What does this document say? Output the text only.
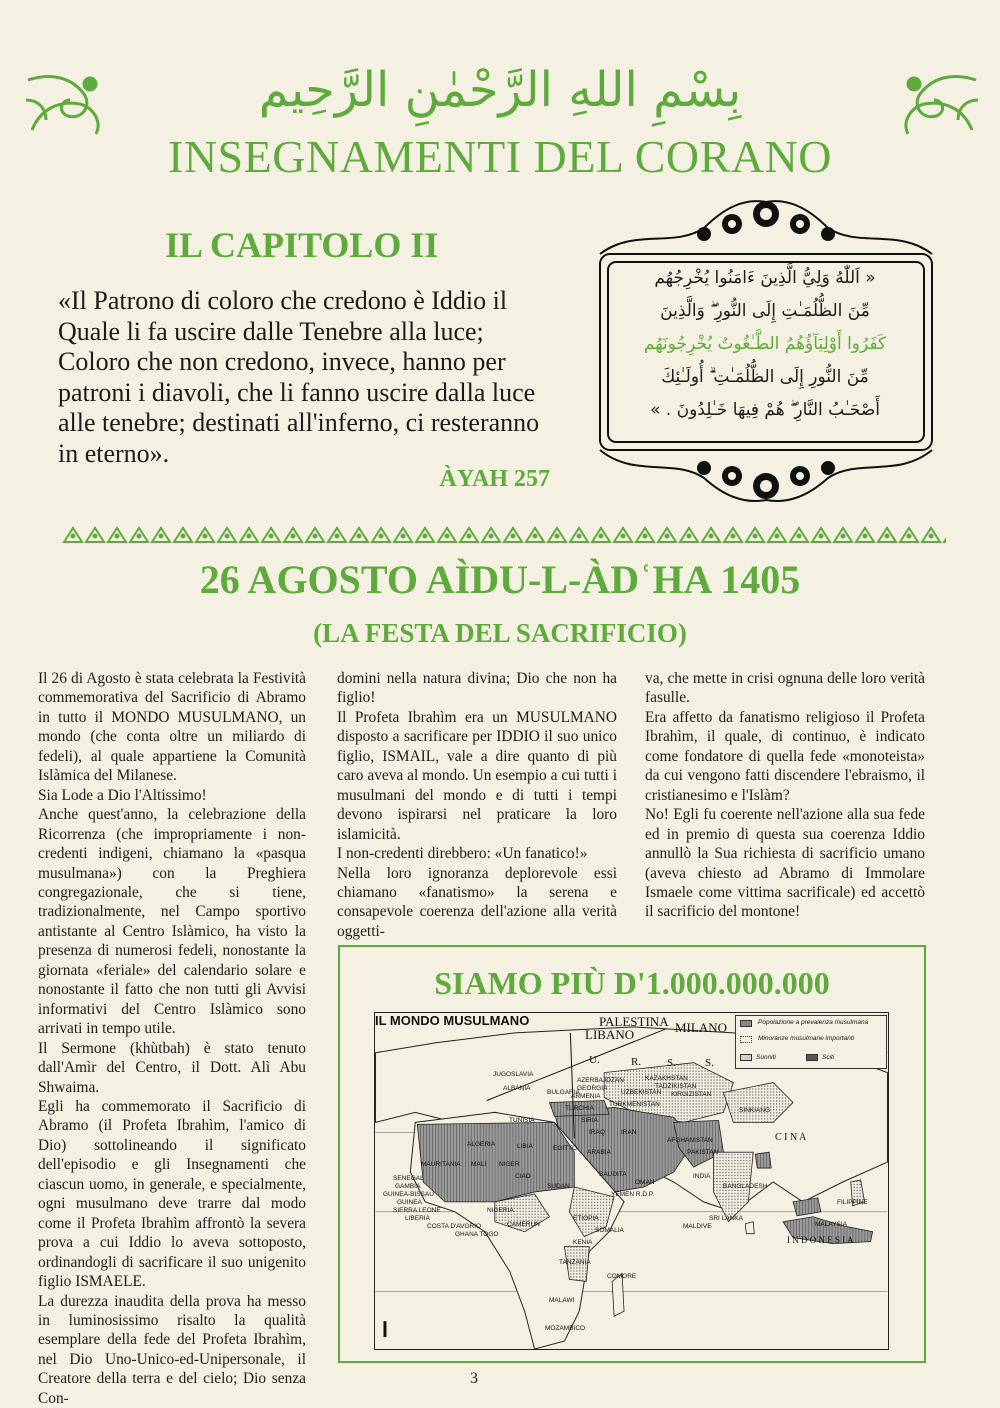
بِسْمِ اللهِ الرَّحْمٰنِ الرَّحِيم
INSEGNAMENTI DEL CORANO
IL CAPITOLO II
«Il Patrono di coloro che credono è Iddio il Quale li fa uscire dalle Tenebre alla luce; Coloro che non credono, invece, hanno per patroni i diavoli, che li fanno uscire dalla luce alle tenebre; destinati all'inferno, ci resteranno in eterno».
ÀYAH 257
« اَللّٰهُ وَلِيُّ الَّذِينَ ءَامَنُوا يُخْرِجُهُم
مِّنَ الظُّلُمَـٰتِ إِلَى النُّورِ ۖ وَالَّذِينَ
كَفَرُوا أَوْلِيَآؤُهُمُ الطَّـٰغُوتُ يُخْرِجُونَهُم
مِّنَ النُّورِ إِلَى الظُّلُمَـٰتِ ۗ أُولَـٰئِكَ
أَصْحَـٰبُ النَّارِ ۖ هُمْ فِيهَا خَـٰلِدُونَ . »
26 AGOSTO AÌDU-L-ÀDʿHA 1405
(LA FESTA DEL SACRIFICIO)

Il 26 di Agosto è stata celebrata la Festività commemorativa del Sacrificio di Abramo in tutto il MONDO MUSULMANO, un mondo (che conta oltre un miliardo di fedeli), al quale appartiene la Comunità Islàmica del Milanese.

Sia Lode a Dio l'Altissimo!

Anche quest'anno, la celebrazione della Ricorrenza (che impropriamente i non-credenti indigeni, chiamano la «pasqua musulmana») con la Preghiera congregazionale, che si tiene, tradizionalmente, nel Campo sportivo antistante al Centro Islàmico, ha visto la presenza di numerosi fedeli, nonostante la giornata «feriale» del calendario solare e nonostante il fatto che non tutti gli Avvisi informativi del Centro Islàmico sono arrivati in tempo utile.

Il Sermone (khùtbah) è stato tenuto dall'Amìr del Centro, il Dott. Alì Abu Shwaima.

Egli ha commemorato il Sacrificio di Abramo (il Profeta Ibrahìm, l'amico di Dio) sottolineando il significato dell'episodio e gli Insegnamenti che ciascun uomo, in generale, e specialmente, ogni musulmano deve trarre dal modo come il Profeta Ibrahìm affrontò la severa prova a cui Iddio lo aveva sottoposto, ordinandogli di sacrificare il suo unigenito figlio ISMAELE.

La durezza inaudita della prova ha messo in luminosissimo risalto la qualità esemplare della fede del Profeta Ibrahìm, nel Dio Uno-Unico-ed-Unipersonale, il Creatore della terra e del cielo; Dio senza Con-

domini nella natura divina; Dio che non ha figlio!

Il Profeta Ibrahìm era un MUSULMANO disposto a sacrificare per IDDIO il suo unico figlio, ISMAIL, vale a dire quanto di più caro aveva al mondo. Un esempio a cui tutti i musulmani del mondo e di tutti i tempi devono ispirarsi nel praticare la loro islamicità.

I non-credenti direbbero: «Un fanatico!»

Nella loro ignoranza deplorevole essi chiamano «fanatismo» la serena e consapevole coerenza dell'azione alla verità oggetti-

va, che mette in crisi ognuna delle loro verità fasulle.

Era affetto da fanatismo religioso il Profeta Ibrahìm, il quale, di continuo, è indicato come fondatore di quella fede «monoteista» da cui vengono fatti discendere l'ebraismo, il cristianesimo e l'Islàm?

No! Egli fu coerente nell'azione alla sua fede ed in premio di questa sua coerenza Iddio annullò la Sua richiesta di sacrificio umano (aveva chiesto ad Abramo di Immolare Ismaele come vittima sacrificale) ed accettò il sacrificio del montone!

SIAMO PIÙ D'1.000.000.000
IL MONDO MUSULMANO	PALESTINA
LIBANO	MILANO
U.	R. S.	S.
C I N A
I N D O N E S I A
JUGOSLAVIA
ALBANIA
BULGARIA
TURCHIA
TUNISIA
ALGERIA	LIBIA	EGITTO
SIRIA
IRAQ IRAN
ARABIA
SAUDITA
OMAN
YEMEN R.D.P.
SUDAN
CIAD
NIGER
MALI
MAURITANIA
SENEGAL
GAMBIA
GUINEA-BISSAU
GUINEA
SIERRA LEONE
LIBERIA
COSTA D'AVORIO
GHANA TOGO
NIGERIA
CAMERUN
ETIOPIA
SOMALIA
KENIA
TANZANIA
MALAWI
MOZAMBICO
COMORE
MALDIVE
SRI LANKA
INDIA
BANGLADESH
PAKISTAN
AFGHANISTAN
AZERBAJDZAN
GEORGIA
ARMENIA
KAZAKHSTAN
UZBEKISTAN KIRGIZISTAN
TURKMENISTAN
TADZIKISTAN
SINKIANG
MALAYSIA
FILIPPINE
Popolazione a prevalenza musulmana
Minoranze musulmane importanti
Sunniti	Sciti
3
